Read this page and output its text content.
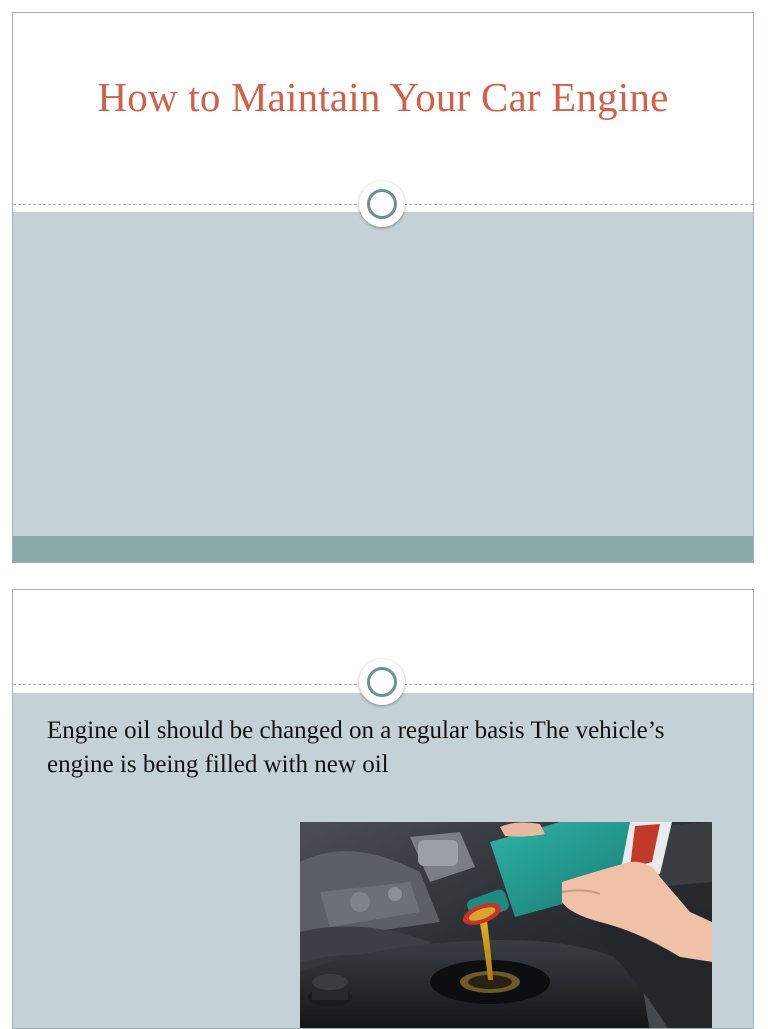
How to Maintain Your Car Engine
Engine oil should be changed on a regular basis The vehicle’s engine is being filled with new oil
